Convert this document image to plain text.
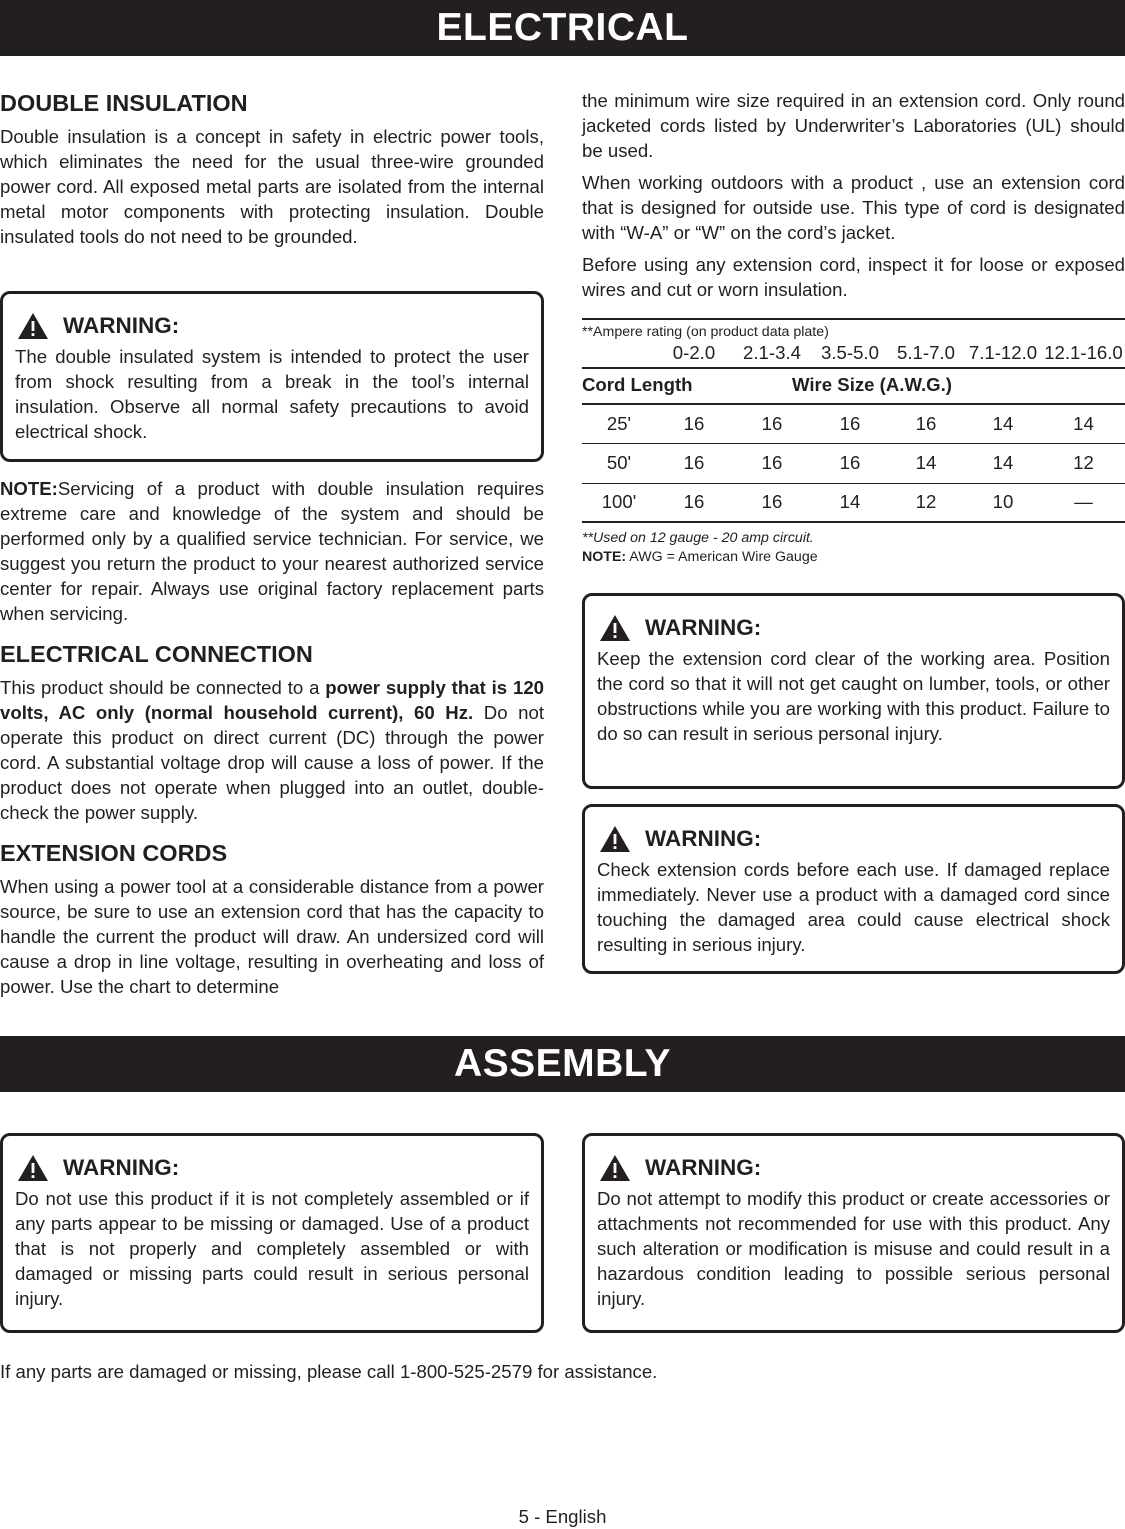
ELECTRICAL
DOUBLE INSULATION

Double insulation is a concept in safety in electric power tools, which eliminates the need for the usual three-wire grounded power cord. All exposed metal parts are isolated from the internal metal motor components with protecting insulation. Double insulated tools do not need to be grounded.

WARNING:

The double insulated system is intended to protect the user from shock resulting from a break in the tool’s internal insulation. Observe all normal safety precautions to avoid electrical shock.

NOTE:Servicing of a product with double insulation requires extreme care and knowledge of the system and should be performed only by a qualified service technician. For service, we suggest you return the product to your nearest authorized service center for repair. Always use original factory replacement parts when servicing.

ELECTRICAL CONNECTION

This product should be connected to a power supply that is 120 volts, AC only (normal household current), 60 Hz. Do not operate this product on direct current (DC) through the power cord. A substantial voltage drop will cause a loss of power. If the product does not operate when plugged into an outlet, double-check the power supply.

EXTENSION CORDS

When using a power tool at a considerable distance from a power source, be sure to use an extension cord that has the capacity to handle the current the product will draw. An undersized cord will cause a drop in line voltage, resulting in overheating and loss of power. Use the chart to determine

the minimum wire size required in an extension cord. Only round jacketed cords listed by Underwriter’s Laboratories (UL) should be used.

When working outdoors with a product , use an extension cord that is designed for outside use. This type of cord is designated with “W-A” or “W” on the cord’s jacket.

Before using any extension cord, inspect it for loose or exposed wires and cut or worn insulation.

**Ampere rating (on product data plate)
	0-2.0	2.1-3.4	3.5-5.0	5.1-7.0	7.1-12.0	12.1-16.0
Cord Length	Wire Size (A.W.G.)
25'	16	16	16	16	14	14
50'	16	16	16	14	14	12
100'	16	16	14	12	10	—
**Used on 12 gauge - 20 amp circuit.
NOTE: AWG = American Wire Gauge
WARNING:

Keep the extension cord clear of the working area. Position the cord so that it will not get caught on lumber, tools, or other obstructions while you are working with this product. Failure to do so can result in serious personal injury.

WARNING:

Check extension cords before each use. If damaged replace immediately. Never use a product with a damaged cord since touching the damaged area could cause electrical shock resulting in serious injury.

ASSEMBLY
WARNING:

Do not use this product if it is not completely assembled or if any parts appear to be missing or damaged. Use of a product that is not properly and completely assembled or with damaged or missing parts could result in serious personal injury.

WARNING:

Do not attempt to modify this product or create accessories or attachments not recommended for use with this product. Any such alteration or modification is misuse and could result in a hazardous condition leading to possible serious personal injury.

If any parts are damaged or missing, please call 1-800-525-2579 for assistance.
5 - English
